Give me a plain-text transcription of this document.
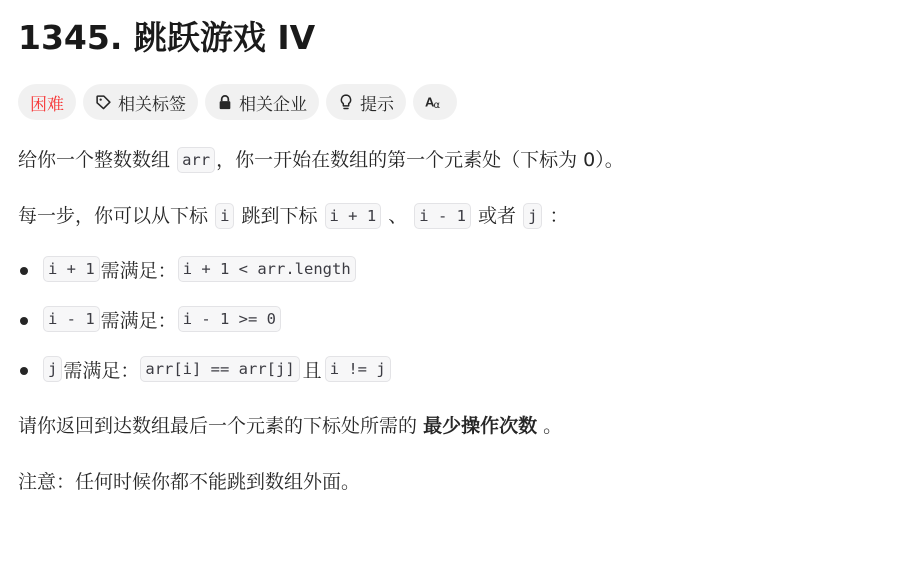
1345. 跳跃游戏 IV
困难	相关标签	相关企业	提示 A α

给你一个整数数组 arr ，你一开始在数组的第一个元素处（下标为 0）。

每一步，你可以从下标 i 跳到下标 i + 1 、 i - 1 或者 j ：

i + 1 需满足： i + 1 < arr.length
i - 1 需满足： i - 1 >= 0
j 需满足： arr[i] == arr[j] 且 i != j

请你返回到达数组最后一个元素的下标处所需的 最少操作次数 。

注意：任何时候你都不能跳到数组外面。
